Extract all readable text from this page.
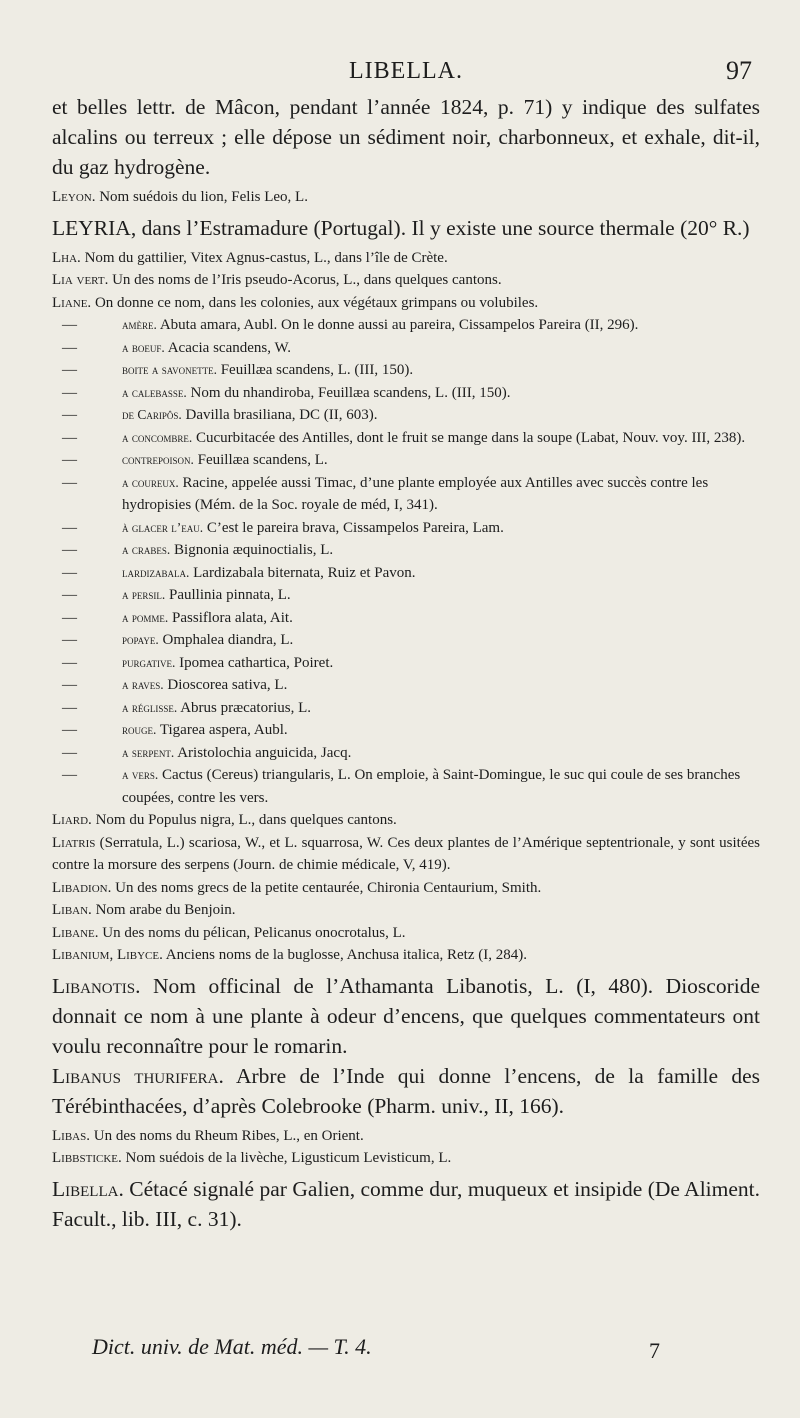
LIBELLA.	97

et belles lettr. de Mâcon, pendant l’année 1824, p. 71) y indique des sulfates alcalins ou terreux ; elle dépose un sédiment noir, charbonneux, et exhale, dit-il, du gaz hydrogène.

Leyon. Nom suédois du lion, Felis Leo, L.

LEYRIA, dans l’Estramadure (Portugal). Il y existe une source thermale (20° R.)

Lha. Nom du gattilier, Vitex Agnus-castus, L., dans l’île de Crète.

Lia vert. Un des noms de l’Iris pseudo-Acorus, L., dans quelques cantons.

Liane. On donne ce nom, dans les colonies, aux végétaux grimpans ou volubiles.

—	amère. Abuta amara, Aubl. On le donne aussi au pareira, Cissampelos Pareira (II, 296).
—	a boeuf. Acacia scandens, W.
—	boite a savonette. Feuillæa scandens, L. (III, 150).
—	a calebasse. Nom du nhandiroba, Feuillæa scandens, L. (III, 150).
—	de Caripôs. Davilla brasiliana, DC (II, 603).
—	a concombre. Cucurbitacée des Antilles, dont le fruit se mange dans la soupe (Labat, Nouv. voy. III, 238).
—	contrepoison. Feuillæa scandens, L.
—	a coureux. Racine, appelée aussi Timac, d’une plante employée aux Antilles avec succès contre les hydropisies (Mém. de la Soc. royale de méd, I, 341).
—	à glacer l’eau. C’est le pareira brava, Cissampelos Pareira, Lam.
—	a crabes. Bignonia æquinoctialis, L.
—	lardizabala. Lardizabala biternata, Ruiz et Pavon.
—	a persil. Paullinia pinnata, L.
—	a pomme. Passiflora alata, Ait.
—	popaye. Omphalea diandra, L.
—	purgative. Ipomea cathartica, Poiret.
—	a raves. Dioscorea sativa, L.
—	a réglisse. Abrus præcatorius, L.
—	rouge. Tigarea aspera, Aubl.
—	a serpent. Aristolochia anguicida, Jacq.
—	a vers. Cactus (Cereus) triangularis, L. On emploie, à Saint-Domingue, le suc qui coule de ses branches coupées, contre les vers.

Liard. Nom du Populus nigra, L., dans quelques cantons.

Liatris (Serratula, L.) scariosa, W., et L. squarrosa, W. Ces deux plantes de l’Amérique septentrionale, y sont usitées contre la morsure des serpens (Journ. de chimie médicale, V, 419).

Libadion. Un des noms grecs de la petite centaurée, Chironia Centaurium, Smith.

Liban. Nom arabe du Benjoin.

Libane. Un des noms du pélican, Pelicanus onocrotalus, L.

Libanium, Libyce. Anciens noms de la buglosse, Anchusa italica, Retz (I, 284).

Libanotis. Nom officinal de l’Athamanta Libanotis, L. (I, 480). Dioscoride donnait ce nom à une plante à odeur d’encens, que quelques commentateurs ont voulu reconnaître pour le romarin.

Libanus thurifera. Arbre de l’Inde qui donne l’encens, de la famille des Térébinthacées, d’après Colebrooke (Pharm. univ., II, 166).

Libas. Un des noms du Rheum Ribes, L., en Orient.

Libbsticke. Nom suédois de la livèche, Ligusticum Levisticum, L.

Libella. Cétacé signalé par Galien, comme dur, muqueux et insipide (De Aliment. Facult., lib. III, c. 31).

Dict. univ. de Mat. méd. — T. 4.	7
